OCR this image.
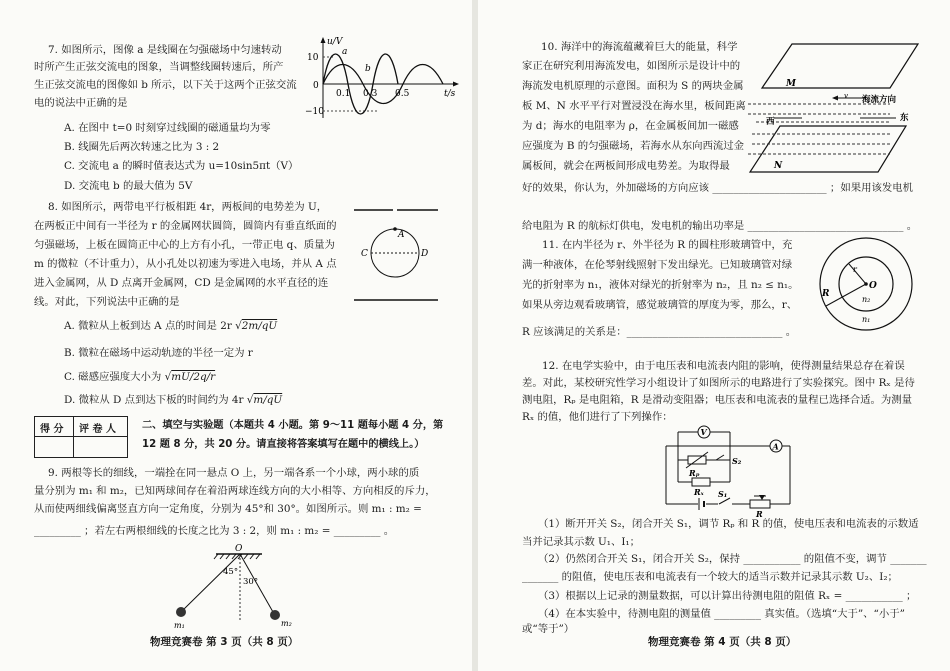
7. 如图所示，图像 a 是线圈在匀强磁场中匀速转动
时所产生正弦交流电的图象，当调整线圈转速后，所产
生正弦交流电的图像如 b 所示，以下关于这两个正弦交流
电的说法中正确的是
A. 在图中 t=0 时刻穿过线圈的磁通量均为零
B. 线圈先后两次转速之比为 3 : 2
C. 交流电 a 的瞬时值表达式为 u=10sin5πt（V）
D. 交流电 b 的最大值为 5V
u/V
t/s
10
0
−10
0.1 0.3 0.5
a
b
8. 如图所示，两带电平行板相距 4r，两板间的电势差为 U，
在两板正中间有一半径为 r 的金属网状圆筒，圆筒内有垂直纸面的
匀强磁场，上板在圆筒正中心的上方有小孔，一带正电 q、质量为
m 的微粒（不计重力），从小孔处以初速为零进入电场，并从 A 点
进入金属网，从 D 点离开金属网，CD 是金属网的水平直径的连
线。对此，下列说法中正确的是
A. 微粒从上板到达 A 点的时间是 2r √2m/qU
B. 微粒在磁场中运动轨迹的半径一定为 r
C. 磁感应强度大小为 √mU/2q/r
D. 微粒从 D 点到达下板的时间约为 4r √m/qU
A
C	D
得 分 评 卷 人	二、填空与实验题（本题共 4 小题。第 9～11 题每小题 4 分，第
12 题 8 分，共 20 分。请直接将答案填写在题中的横线上。）
9. 两根等长的细线，一端拴在同一悬点 O 上，另一端各系一个小球，两小球的质
量分别为 m₁ 和 m₂，已知两球间存在着沿两球连线方向的大小相等、方向相反的斥力，
从而使两细线偏离竖直方向一定角度，分别为 45°和 30°。如图所示。则 m₁ : m₂ =
_________ ；若左右两根细线的长度之比为 3 : 2，则 m₁ : m₂ = _________ 。
O
45°
30°
m₁	m₂
物理竞赛卷 第 3 页（共 8 页）
10. 海洋中的海流蕴藏着巨大的能量，科学
家正在研究利用海流发电，如图所示是设计中的
海流发电机原理的示意图。面积为 S 的两块金属
板 M、N 水平平行对置浸没在海水里，板间距离
为 d；海水的电阻率为 ρ，在金属板间加一磁感
应强度为 B 的匀强磁场，若海水从东向西流过金
属板间，就会在两板间形成电势差。为取得最
好的效果，你认为，外加磁场的方向应该 ______________________ ；如果用该发电机
给电阻为 R 的航标灯供电，发电机的输出功率是 ______________________________ 。
M
N
v 海流方向
西	东
11. 在内半径为 r、外半径为 R 的圆柱形玻璃管中，充
满一种液体，在伦琴射线照射下发出绿光。已知玻璃管对绿
光的折射率为 n₁，液体对绿光的折射率为 n₂，且 n₂ ≤ n₁。
如果从旁边观看玻璃管，感觉玻璃管的厚度为零，那么，r、
R 应该满足的关系是：______________________________ 。
r
O
R
n₂
n₁
12. 在电学实验中，由于电压表和电流表内阻的影响，使得测量结果总存在着误
差。对此，某校研究性学习小组设计了如图所示的电路进行了实验探究。图中 Rₓ 是待
测电阻，Rₚ 是电阻箱，R 是滑动变阻器；电压表和电流表的量程已选择合适。为测量
Rₓ 的值，他们进行了下列操作：
A
V
Rₚ
S₂
Rₓ S₁
R
（1）断开开关 S₂，闭合开关 S₁，调节 Rₚ 和 R 的值，使电压表和电流表的示数适
当并记录其示数 U₁、I₁；
（2）仍然闭合开关 S₁，闭合开关 S₂，保持 ___________ 的阻值不变，调节 _______
_______ 的阻值，使电压表和电流表有一个较大的适当示数并记录其示数 U₂、I₂；
（3）根据以上记录的测量数据，可以计算出待测电阻的阻值 Rₓ = ___________ ；
（4）在本实验中，待测电阻的测量值 _________ 真实值。（选填“大于”、“小于”
或“等于”）
物理竞赛卷 第 4 页（共 8 页）
